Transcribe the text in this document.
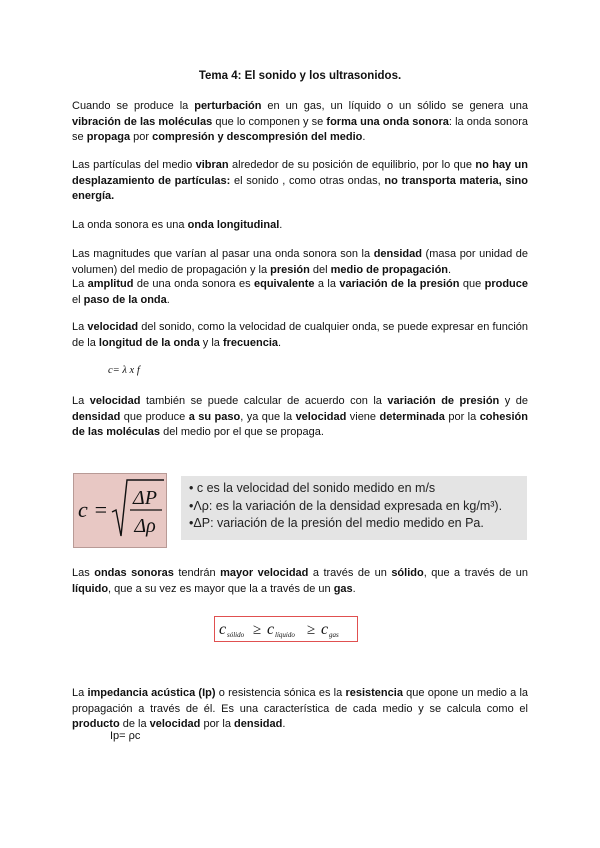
Tema 4: El sonido y los ultrasonidos.

Cuando se produce la perturbación en un gas, un líquido o un sólido se genera una vibración de las moléculas que lo componen y se forma una onda sonora: la onda sonora se propaga por compresión y descompresión del medio.

Las partículas del medio vibran alrededor de su posición de equilibrio, por lo que no hay un desplazamiento de partículas: el sonido , como otras ondas, no transporta materia, sino energía.

La onda sonora es una onda longitudinal.

Las magnitudes que varían al pasar una onda sonora son la densidad (masa por unidad de volumen) del medio de propagación y la presión del medio de propagación.

La amplitud de una onda sonora es equivalente a la variación de la presión que produce el paso de la onda.

La velocidad del sonido, como la velocidad de cualquier onda, se puede expresar en función de la longitud de la onda y la frecuencia.

c= λ x f

La velocidad también se puede calcular de acuerdo con la variación de presión y de densidad que produce a su paso, ya que la velocidad viene determinada por la cohesión de las moléculas del medio por el que se propaga.

c = ΔP
Δρ
• c es la velocidad del sonido medido en m/s
•Λρ: es la variación de la densidad expresada en kg/m³).
•ΔP: variación de la presión del medio medido en Pa.

Las ondas sonoras tendrán mayor velocidad a través de un sólido, que a través de un líquido, que a su vez es mayor que la a través de un gas.

c sólido ≥ c líquido ≥ c gas

La impedancia acústica (Ip) o resistencia sónica es la resistencia que opone un medio a la propagación a través de él. Es una característica de cada medio y se calcula como el producto de la velocidad por la densidad.

Ip= ρc
